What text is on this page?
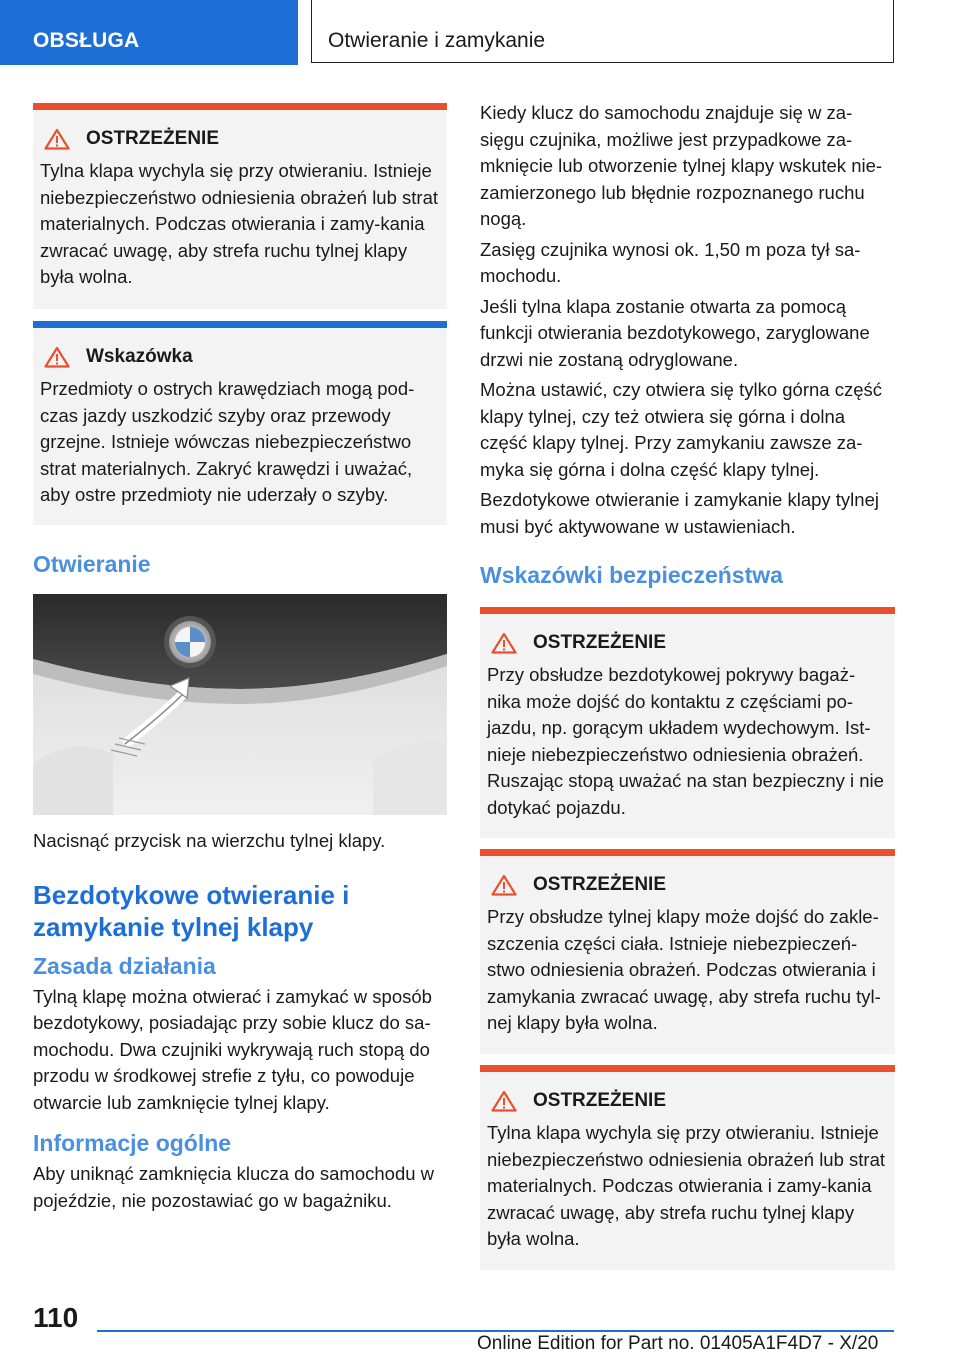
OBSŁUGA	Otwieranie i zamykanie
OSTRZEŻENIE

Tylna klapa wychyla się przy otwieraniu. Istnieje niebezpieczeństwo odniesienia obrażeń lub strat materialnych. Podczas otwierania i zamy‐kania zwracać uwagę, aby strefa ruchu tylnej klapy była wolna.

Wskazówka

Przedmioty o ostrych krawędziach mogą pod‐czas jazdy uszkodzić szyby oraz przewody grzejne. Istnieje wówczas niebezpieczeństwo strat materialnych. Zakryć krawędzi i uważać, aby ostre przedmioty nie uderzały o szyby.

Otwieranie

Nacisnąć przycisk na wierzchu tylnej klapy.

Bezdotykowe otwieranie i zamykanie tylnej klapy
Zasada działania

Tylną klapę można otwierać i zamykać w sposób bezdotykowy, posiadając przy sobie klucz do sa‐mochodu. Dwa czujniki wykrywają ruch stopą do przodu w środkowej strefie z tyłu, co powoduje otwarcie lub zamknięcie tylnej klapy.

Informacje ogólne

Aby uniknąć zamknięcia klucza do samochodu w pojeździe, nie pozostawiać go w bagażniku.

Kiedy klucz do samochodu znajduje się w za‐sięgu czujnika, możliwe jest przypadkowe za‐mknięcie lub otworzenie tylnej klapy wskutek nie‐zamierzonego lub błędnie rozpoznanego ruchu nogą.

Zasięg czujnika wynosi ok. 1,50 m poza tył sa‐mochodu.

Jeśli tylna klapa zostanie otwarta za pomocą funkcji otwierania bezdotykowego, zaryglowane drzwi nie zostaną odryglowane.

Można ustawić, czy otwiera się tylko górna część klapy tylnej, czy też otwiera się górna i dolna część klapy tylnej. Przy zamykaniu zawsze za‐myka się górna i dolna część klapy tylnej.

Bezdotykowe otwieranie i zamykanie klapy tylnej musi być aktywowane w ustawieniach.

Wskazówki bezpieczeństwa
OSTRZEŻENIE

Przy obsłudze bezdotykowej pokrywy bagaż‐nika może dojść do kontaktu z częściami po‐jazdu, np. gorącym układem wydechowym. Ist‐nieje niebezpieczeństwo odniesienia obrażeń. Ruszając stopą uważać na stan bezpieczny i nie dotykać pojazdu.

OSTRZEŻENIE

Przy obsłudze tylnej klapy może dojść do zakle‐szczenia części ciała. Istnieje niebezpieczeń‐stwo odniesienia obrażeń. Podczas otwierania i zamykania zwracać uwagę, aby strefa ruchu tyl‐nej klapy była wolna.

OSTRZEŻENIE

Tylna klapa wychyla się przy otwieraniu. Istnieje niebezpieczeństwo odniesienia obrażeń lub strat materialnych. Podczas otwierania i zamy‐kania zwracać uwagę, aby strefa ruchu tylnej klapy była wolna.

110
Online Edition for Part no. 01405A1F4D7 - X/20
